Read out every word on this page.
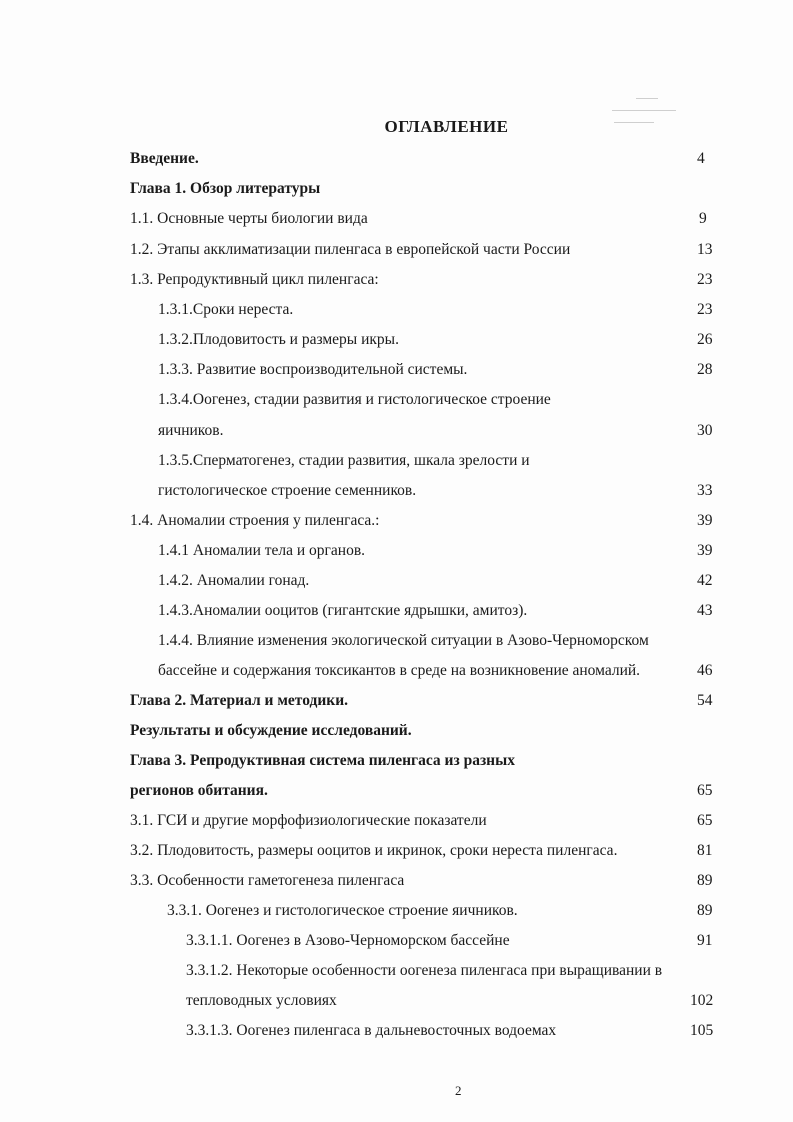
ОГЛАВЛЕНИЕ
Введение.	4
Глава 1. Обзор литературы
1.1. Основные черты биологии вида	9
1.2. Этапы акклиматизации пиленгаса в европейской части России	13
1.3. Репродуктивный цикл пиленгаса:	23
1.3.1.Сроки нереста.	23
1.3.2.Плодовитость и размеры икры.	26
1.3.3. Развитие воспроизводительной системы.	28
1.3.4.Оогенез, стадии развития и гистологическое строение
яичников.	30
1.3.5.Сперматогенез, стадии развития, шкала зрелости и
гистологическое строение семенников.	33
1.4. Аномалии строения у пиленгаса.:	39
1.4.1 Аномалии тела и органов.	39
1.4.2. Аномалии гонад.	42
1.4.3.Аномалии ооцитов (гигантские ядрышки, амитоз).	43
1.4.4. Влияние изменения экологической ситуации в Азово-Черноморском
бассейне и содержания токсикантов в среде на возникновение аномалий.	46
Глава 2. Материал и методики.	54
Результаты и обсуждение исследований.
Глава 3. Репродуктивная система пиленгаса из разных
регионов обитания.	65
3.1. ГСИ и другие морфофизиологические показатели	65
3.2. Плодовитость, размеры ооцитов и икринок, сроки нереста пиленгаса.	81
3.3. Особенности гаметогенеза пиленгаса	89
3.3.1. Оогенез и гистологическое строение яичников.	89
3.3.1.1. Оогенез в Азово-Черноморском бассейне	91
3.3.1.2. Некоторые особенности оогенеза пиленгаса при выращивании в
тепловодных условиях	102
3.3.1.3. Оогенез пиленгаса в дальневосточных водоемах	105
2
